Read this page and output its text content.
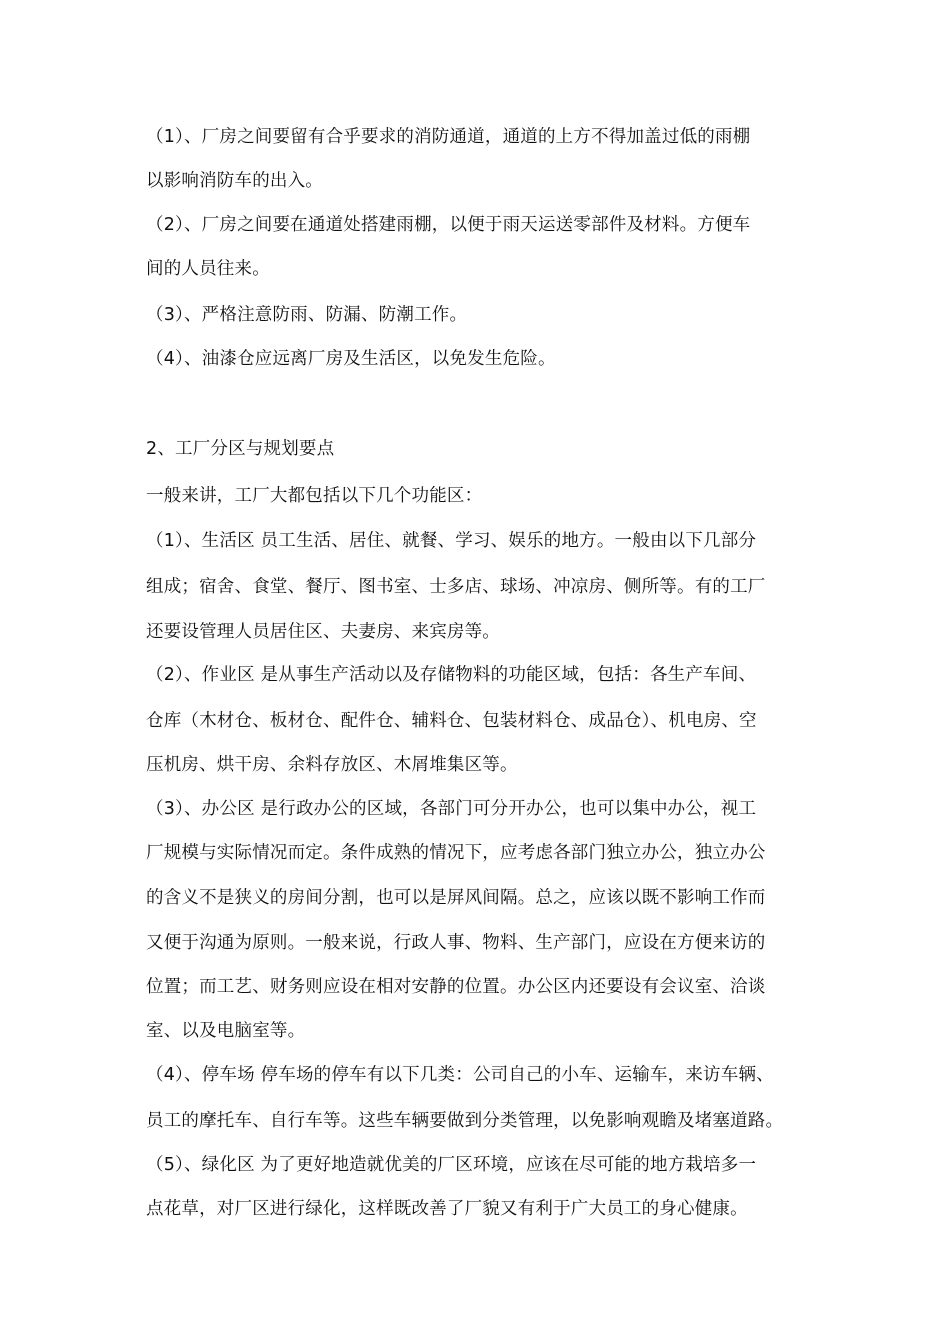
（1）、厂房之间要留有合乎要求的消防通道，通道的上方不得加盖过低的雨棚
以影响消防车的出入。
（2）、厂房之间要在通道处搭建雨棚，以便于雨天运送零部件及材料。方便车
间的人员往来。
（3）、严格注意防雨、防漏、防潮工作。
（4）、油漆仓应远离厂房及生活区，以免发生危险。
2、工厂分区与规划要点
一般来讲，工厂大都包括以下几个功能区：
（1）、生活区 员工生活、居住、就餐、学习、娱乐的地方。一般由以下几部分
组成；宿舍、食堂、餐厅、图书室、士多店、球场、冲凉房、侧所等。有的工厂
还要设管理人员居住区、夫妻房、来宾房等。
（2）、作业区 是从事生产活动以及存储物料的功能区域，包括：各生产车间、
仓库（木材仓、板材仓、配件仓、辅料仓、包装材料仓、成品仓）、机电房、空
压机房、烘干房、余料存放区、木屑堆集区等。
（3）、办公区 是行政办公的区域，各部门可分开办公，也可以集中办公，视工
厂规模与实际情况而定。条件成熟的情况下，应考虑各部门独立办公，独立办公
的含义不是狭义的房间分割，也可以是屏风间隔。总之，应该以既不影响工作而
又便于沟通为原则。一般来说，行政人事、物料、生产部门，应设在方便来访的
位置；而工艺、财务则应设在相对安静的位置。办公区内还要设有会议室、洽谈
室、以及电脑室等。
（4）、停车场 停车场的停车有以下几类：公司自己的小车、运输车，来访车辆、
员工的摩托车、自行车等。这些车辆要做到分类管理，以免影响观瞻及堵塞道路。
（5）、绿化区 为了更好地造就优美的厂区环境，应该在尽可能的地方栽培多一
点花草，对厂区进行绿化，这样既改善了厂貌又有利于广大员工的身心健康。
